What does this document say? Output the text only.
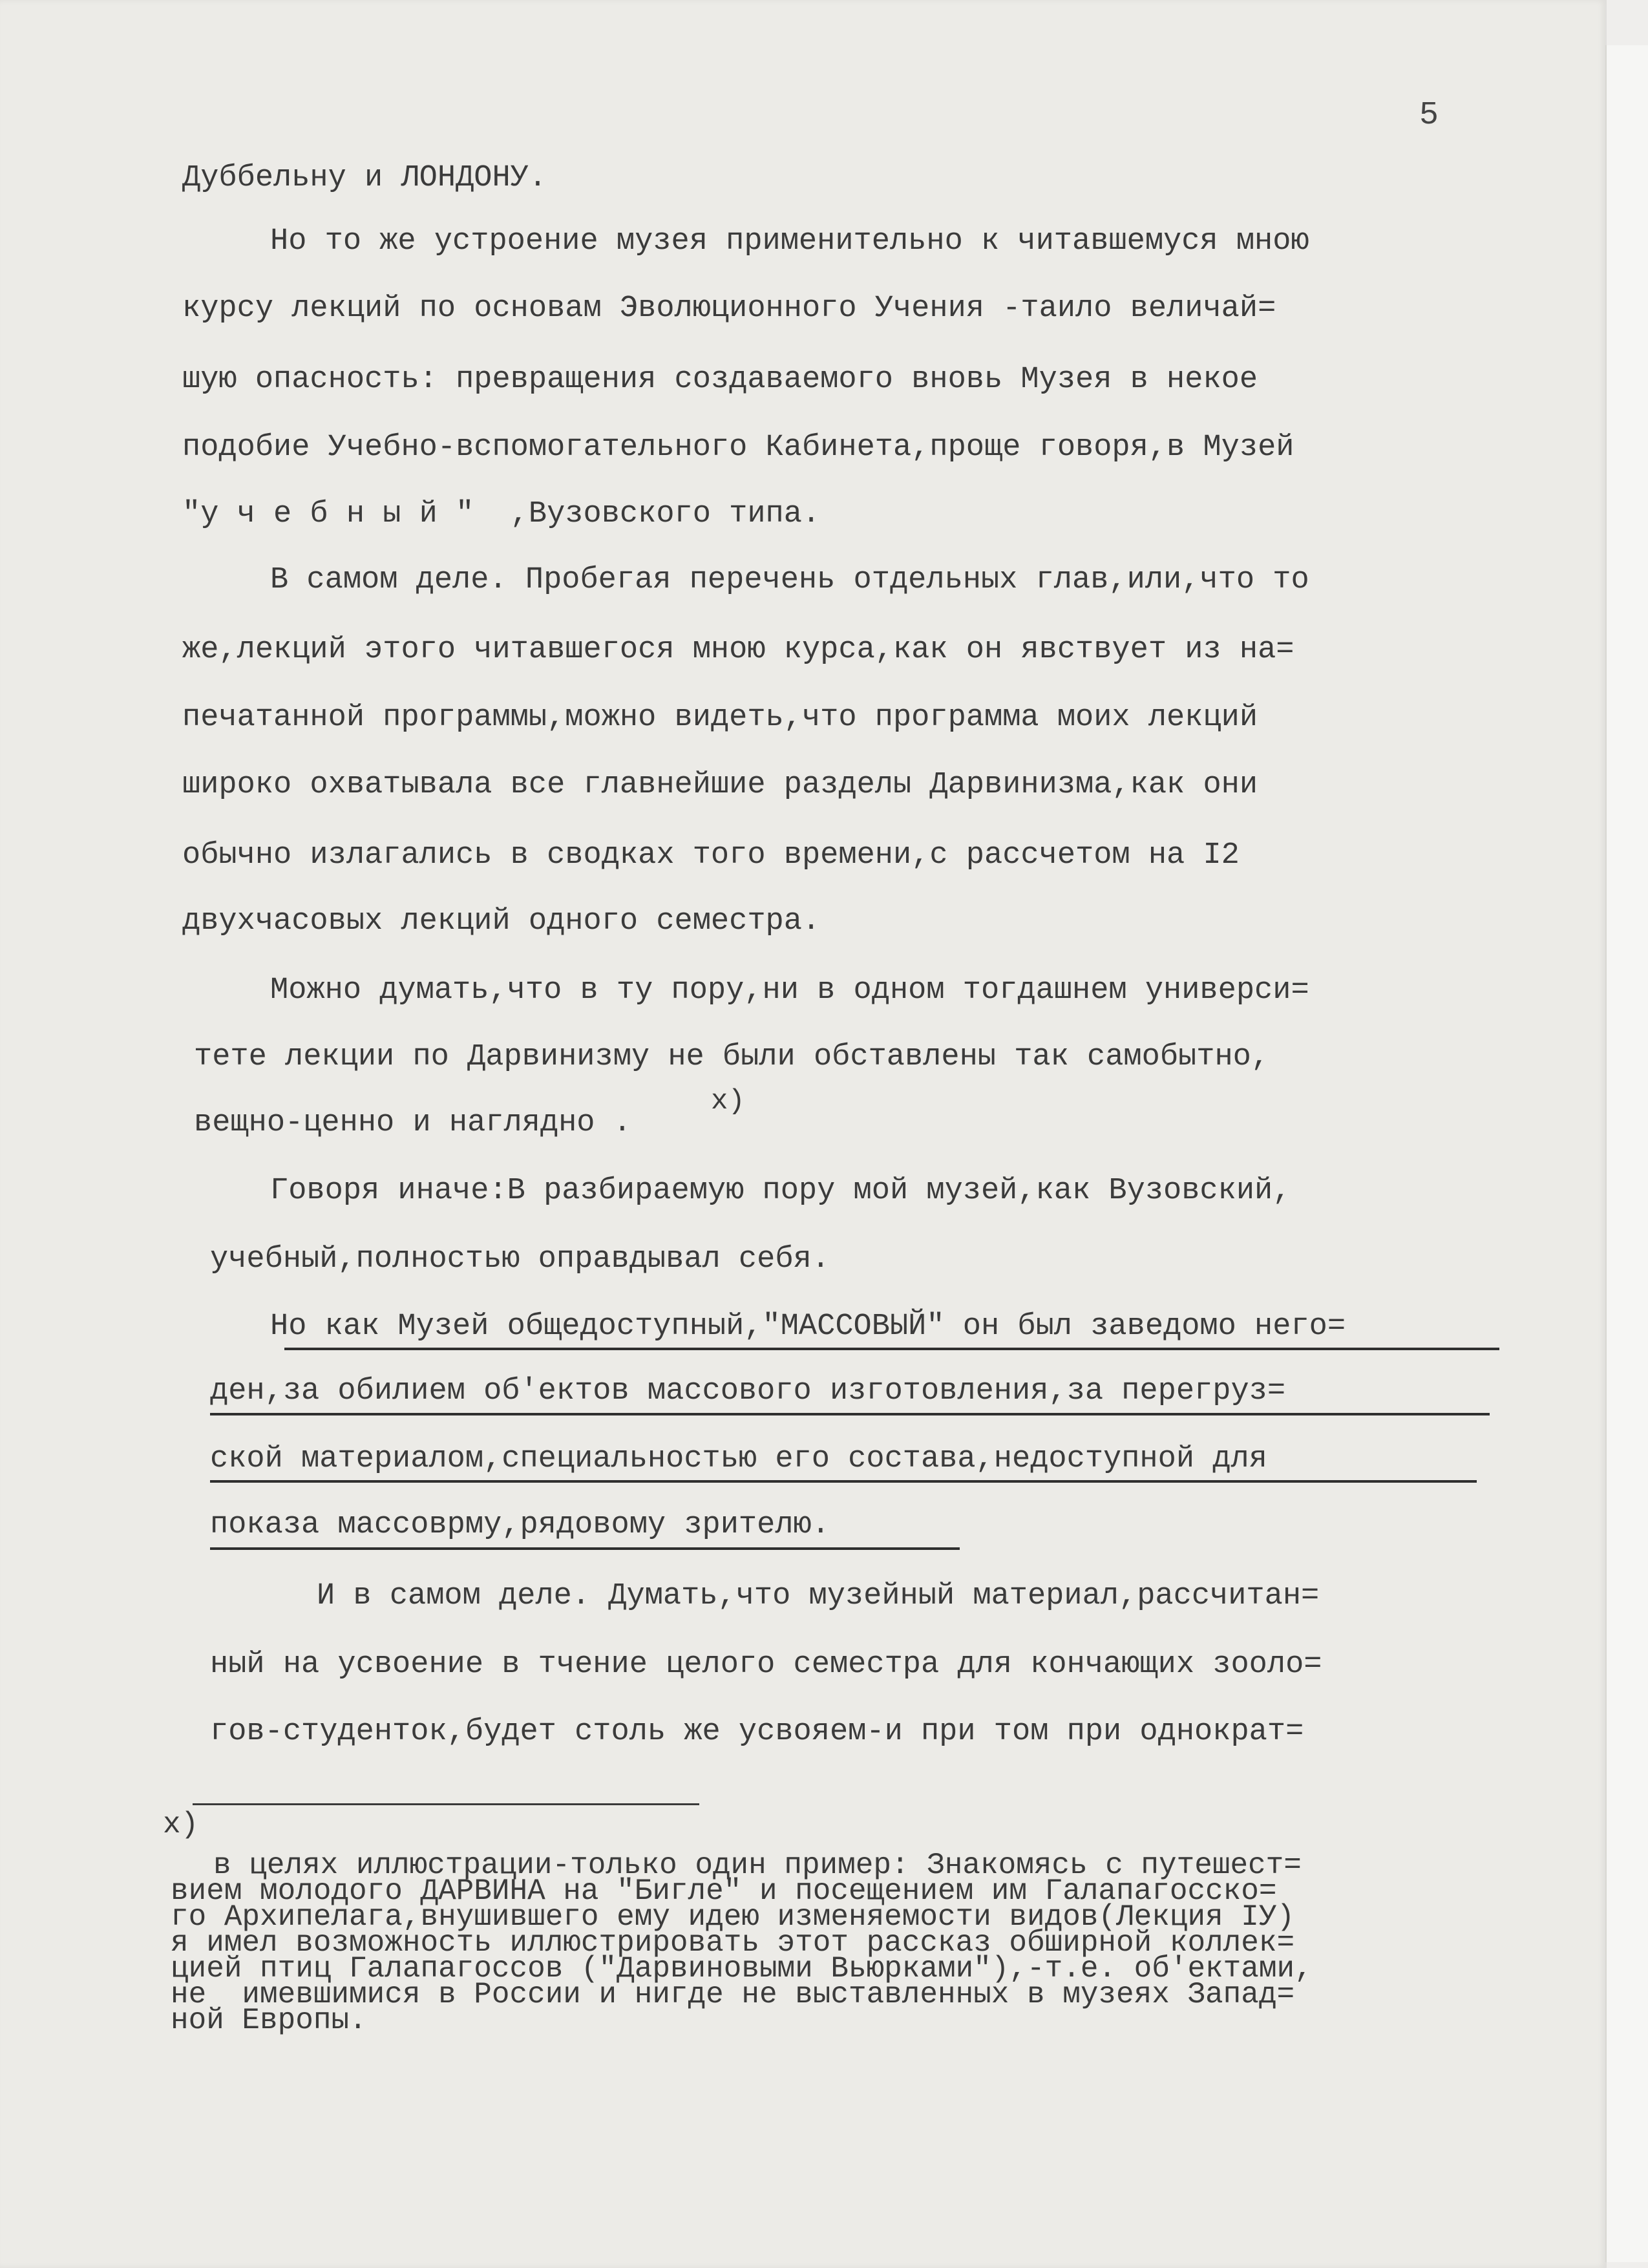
5
Дуббельну и ЛОНДОНУ.
Но то же устроение музея применительно к читавшемуся мною
курсу лекций по основам Эволюционного Учения -таило величай=
шую опасность: превращения создаваемого вновь Музея в некое
подобие Учебно-вспомогательного Кабинета,проще говоря,в Музей
"у ч е б н ы й "  ,Вузовского типа.
В самом деле. Пробегая перечень отдельных глав,или,что то
же,лекций этого читавшегося мною курса,как он явствует из на=
печатанной программы,можно видеть,что программа моих лекций
широко охватывала все главнейшие разделы Дарвинизма,как они
обычно излагались в сводках того времени,с рассчетом на I2
двухчасовых лекций одного семестра.
Можно думать,что в ту пору,ни в одном тогдашнем универси=
тете лекции по Дарвинизму не были обставлены так самобытно,
вещно-ценно и наглядно .
x)
Говоря иначе:В разбираемую пору мой музей,как Вузовский,
учебный,полностью оправдывал себя.
Но как Музей общедоступный,"МАССОВЫЙ" он был заведомо него=
ден,за обилием об'ектов массового изготовления,за перегруз=
ской материалом,специальностью его состава,недоступной для
показа массоврму,рядовому зрителю.
И в самом деле. Думать,что музейный материал,рассчитан=
ный на усвоение в тчение целого семестра для кончающих зооло=
гов-студенток,будет столь же усвояем-и при том при однократ=
x)
в целях иллюстрации-только один пример: Знакомясь с путешест=
вием молодого ДАРВИНА на "Бигле" и посещением им Галапагосско=
го Архипелага,внушившего ему идею изменяемости видов(Лекция IУ)
я имел возможность иллюстрировать этот рассказ обширной коллек=
цией птиц Галапагоссов ("Дарвиновыми Вьюрками"),-т.е. об'ектами,
не  имевшимися в России и нигде не выставленных в музеях Запад=
ной Европы.
